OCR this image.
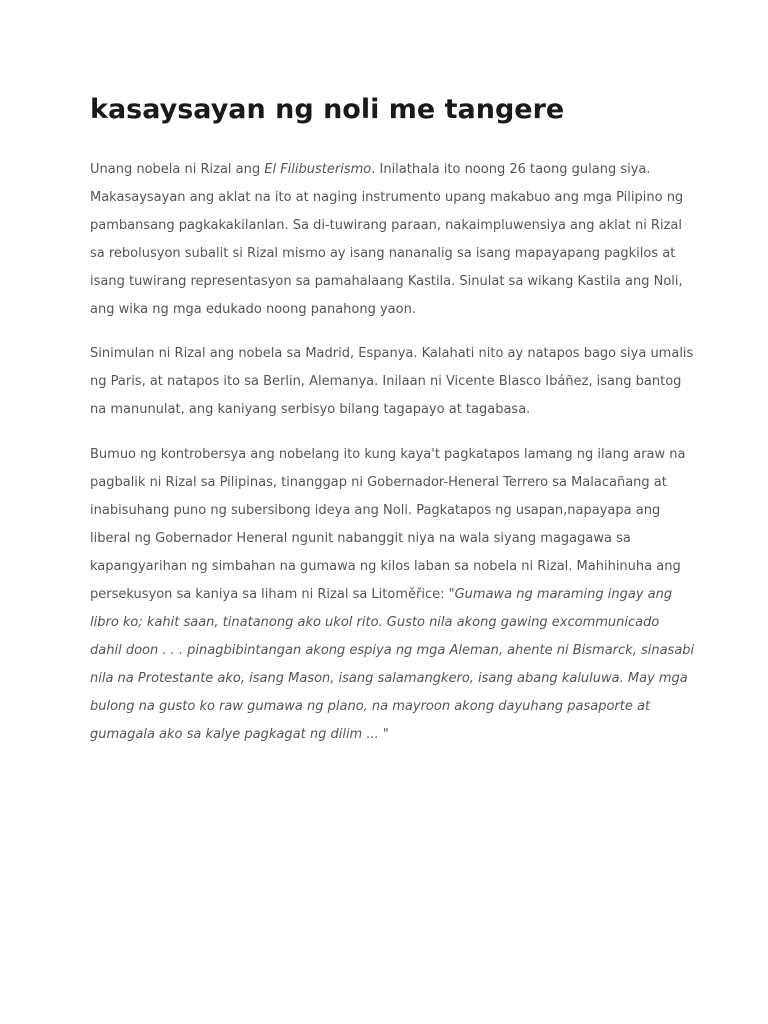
kasaysayan ng noli me tangere

Unang nobela ni Rizal ang El Filibusterismo. Inilathala ito noong 26 taong gulang siya.
Makasaysayan ang aklat na ito at naging instrumento upang makabuo ang mga Pilipino ng
pambansang pagkakakilanlan. Sa di-tuwirang paraan, nakaimpluwensiya ang aklat ni Rizal
sa rebolusyon subalit si Rizal mismo ay isang nananalig sa isang mapayapang pagkilos at
isang tuwirang representasyon sa pamahalaang Kastila. Sinulat sa wikang Kastila ang Noli,
ang wika ng mga edukado noong panahong yaon.

Sinimulan ni Rizal ang nobela sa Madrid, Espanya. Kalahati nito ay natapos bago siya umalis
ng Paris, at natapos ito sa Berlin, Alemanya. Inilaan ni Vicente Blasco Ibáñez, isang bantog
na manunulat, ang kaniyang serbisyo bilang tagapayo at tagabasa.

Bumuo ng kontrobersya ang nobelang ito kung kaya't pagkatapos lamang ng ilang araw na
pagbalik ni Rizal sa Pilipinas, tinanggap ni Gobernador-Heneral Terrero sa Malacañang at
inabisuhang puno ng subersibong ideya ang Noli. Pagkatapos ng usapan,napayapa ang
liberal ng Gobernador Heneral ngunit nabanggit niya na wala siyang magagawa sa
kapangyarihan ng simbahan na gumawa ng kilos laban sa nobela ni Rizal. Mahihinuha ang
persekusyon sa kaniya sa liham ni Rizal sa Litoměřice: "Gumawa ng maraming ingay ang
libro ko; kahit saan, tinatanong ako ukol rito. Gusto nila akong gawing excommunicado
dahil doon . . . pinagbibintangan akong espiya ng mga Aleman, ahente ni Bismarck, sinasabi
nila na Protestante ako, isang Mason, isang salamangkero, isang abang kaluluwa. May mga
bulong na gusto ko raw gumawa ng plano, na mayroon akong dayuhang pasaporte at
gumagala ako sa kalye pagkagat ng dilim ... "
